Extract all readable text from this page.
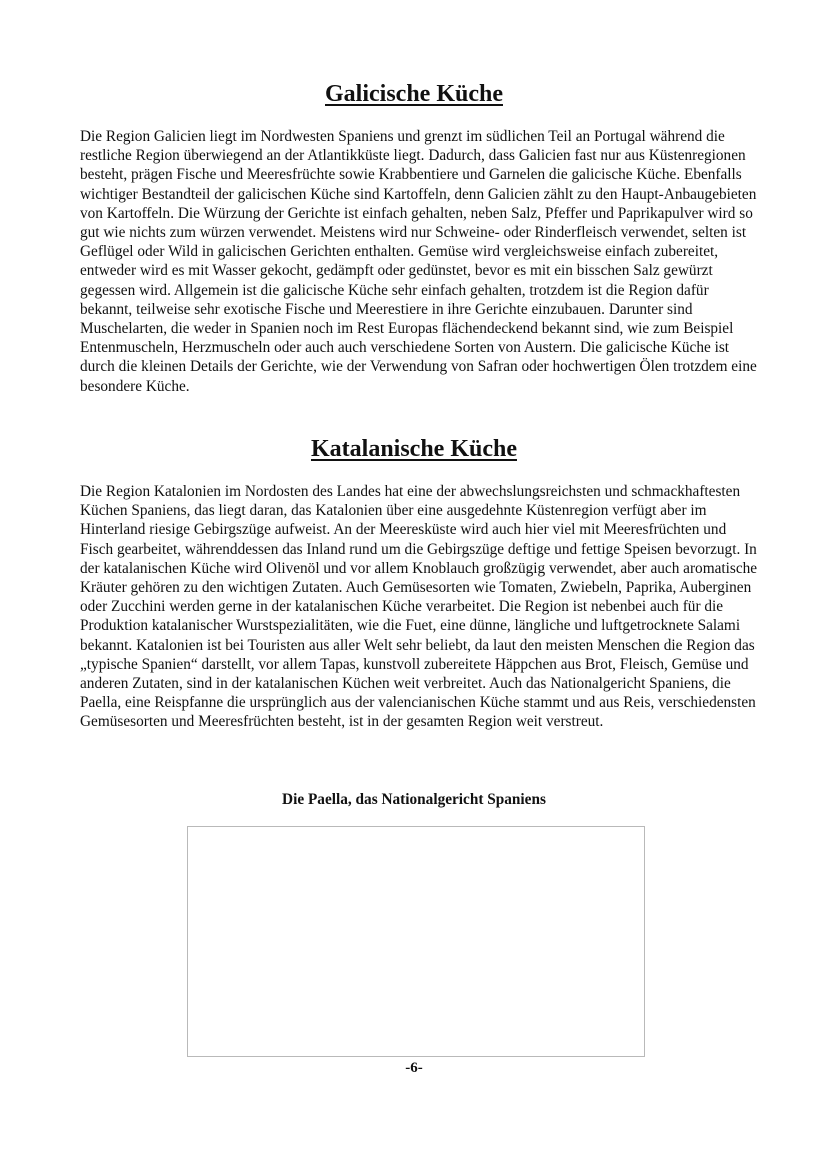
Galicische Küche

Die Region Galicien liegt im Nordwesten Spaniens und grenzt im südlichen Teil an Portugal während die restliche Region überwiegend an der Atlantikküste liegt. Dadurch, dass Galicien fast nur aus Küstenregionen besteht, prägen Fische und Meeresfrüchte sowie Krabbentiere und Garnelen die galicische Küche. Ebenfalls wichtiger Bestandteil der galicischen Küche sind Kartoffeln, denn Galicien zählt zu den Haupt-Anbaugebieten von Kartoffeln. Die Würzung der Gerichte ist einfach gehalten, neben Salz, Pfeffer und Paprikapulver wird so gut wie nichts zum würzen verwendet. Meistens wird nur Schweine- oder Rinderfleisch verwendet, selten ist Geflügel oder Wild in galicischen Gerichten enthalten. Gemüse wird vergleichsweise einfach zubereitet, entweder wird es mit Wasser gekocht, gedämpft oder gedünstet, bevor es mit ein bisschen Salz gewürzt gegessen wird. Allgemein ist die galicische Küche sehr einfach gehalten, trotzdem ist die Region dafür bekannt, teilweise sehr exotische Fische und Meerestiere in ihre Gerichte einzubauen. Darunter sind Muschelarten, die weder in Spanien noch im Rest Europas flächendeckend bekannt sind, wie zum Beispiel Entenmuscheln, Herzmuscheln oder auch auch verschiedene Sorten von Austern. Die galicische Küche ist durch die kleinen Details der Gerichte, wie der Verwendung von Safran oder hochwertigen Ölen trotzdem eine besondere Küche.

Katalanische Küche

Die Region Katalonien im Nordosten des Landes hat eine der abwechslungsreichsten und schmackhaftesten Küchen Spaniens, das liegt daran, das Katalonien über eine ausgedehnte Küstenregion verfügt aber im Hinterland riesige Gebirgszüge aufweist. An der Meeresküste wird auch hier viel mit Meeresfrüchten und Fisch gearbeitet, währenddessen das Inland rund um die Gebirgszüge deftige und fettige Speisen bevorzugt. In der katalanischen Küche wird Olivenöl und vor allem Knoblauch großzügig verwendet, aber auch aromatische Kräuter gehören zu den wichtigen Zutaten. Auch Gemüsesorten wie Tomaten, Zwiebeln, Paprika, Auberginen oder Zucchini werden gerne in der katalanischen Küche verarbeitet. Die Region ist nebenbei auch für die Produktion katalanischer Wurstspezialitäten, wie die Fuet, eine dünne, längliche und luftgetrocknete Salami bekannt. Katalonien ist bei Touristen aus aller Welt sehr beliebt, da laut den meisten Menschen die Region das „typische Spanien“ darstellt, vor allem Tapas, kunstvoll zubereitete Häppchen aus Brot, Fleisch, Gemüse und anderen Zutaten, sind in der katalanischen Küchen weit verbreitet. Auch das Nationalgericht Spaniens, die Paella, eine Reispfanne die ursprünglich aus der valencianischen Küche stammt und aus Reis, verschiedensten Gemüsesorten und Meeresfrüchten besteht, ist in der gesamten Region weit verstreut.

Die Paella, das Nationalgericht Spaniens

-6-
